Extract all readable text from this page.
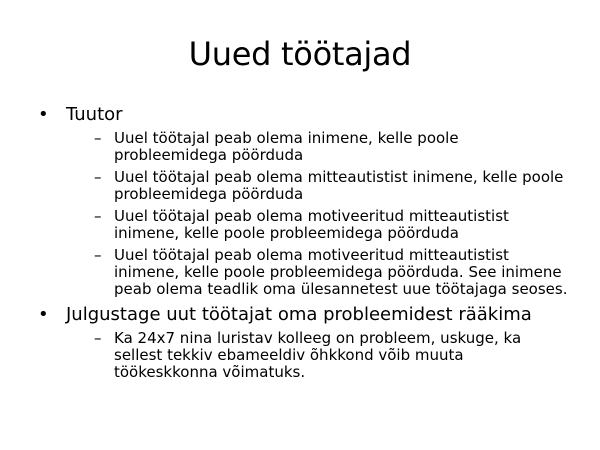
Uued töötajad
• Tuutor
– Uuel töötajal peab olema inimene, kelle poole probleemidega pöörduda
– Uuel töötajal peab olema mitteautistist inimene, kelle poole probleemidega pöörduda
– Uuel töötajal peab olema motiveeritud mitteautistist inimene, kelle poole probleemidega pöörduda
– Uuel töötajal peab olema motiveeritud mitteautistist inimene, kelle poole probleemidega pöörduda. See inimene peab olema teadlik oma ülesannetest uue töötajaga seoses.
• Julgustage uut töötajat oma probleemidest rääkima
– Ka 24x7 nina luristav kolleeg on probleem, uskuge, ka sellest tekkiv ebameeldiv õhkkond võib muuta töökeskkonna võimatuks.
